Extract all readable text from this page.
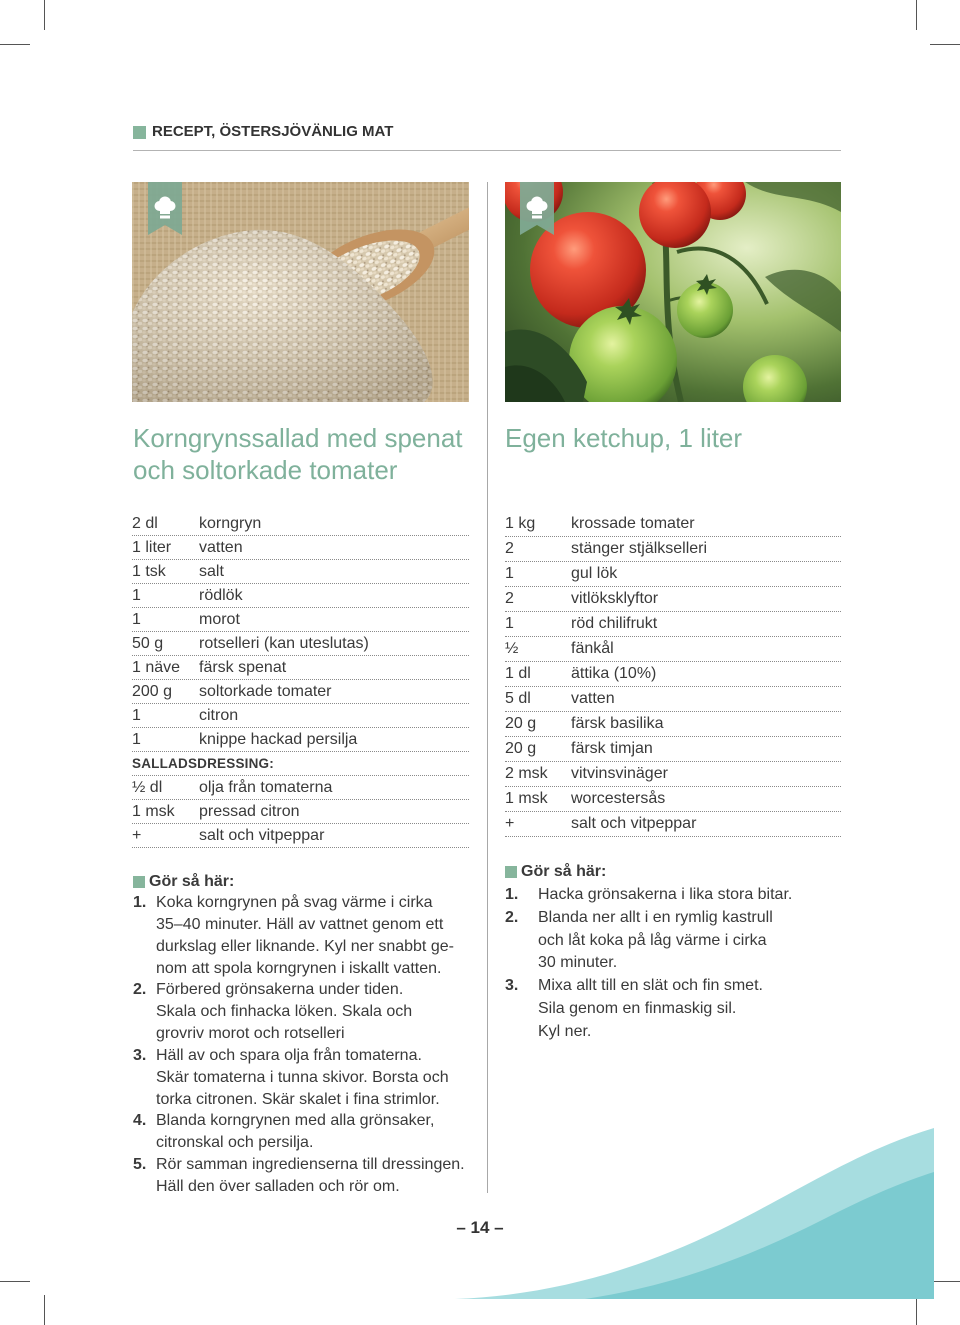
RECEPT, ÖSTERSJÖVÄNLIG MAT
Korngrynssallad med spenat
och soltorkade tomater
Egen ketchup, 1 liter
2 dl	korngryn
1 liter vatten
1 tsk salt
1	rödlök
1	morot
50 g rotselleri (kan uteslutas)
1 näve färsk spenat
200 g soltorkade tomater
1	citron
1	knippe hackad persilja
SALLADSDRESSING:
½ dl olja från tomaterna
1 msk pressad citron
+	salt och vitpeppar
1 kg krossade tomater
2	stänger stjälkselleri
1	gul lök
2	vitlöksklyftor
1	röd chilifrukt
½	fänkål
1 dl	ättika (10%)
5 dl	vatten
20 g färsk basilika
20 g färsk timjan
2 msk vitvinsvinäger
1 msk worcestersås
+	salt och vitpeppar
Gör så här:
Gör så här:
1. Koka korngrynen på svag värme i cirka
35–40 minuter. Häll av vattnet genom ett
durkslag eller liknande. Kyl ner snabbt ge-
nom att spola korngrynen i iskallt vatten.
2. Förbered grönsakerna under tiden.
Skala och finhacka löken. Skala och
grovriv morot och rotselleri
3. Häll av och spara olja från tomaterna.
Skär tomaterna i tunna skivor. Borsta och
torka citronen. Skär skalet i fina strimlor.
4. Blanda korngrynen med alla grönsaker,
citronskal och persilja.
5. Rör samman ingredienserna till dressingen.
Häll den över salladen och rör om.
1. Hacka grönsakerna i lika stora bitar.
2. Blanda ner allt i en rymlig kastrull
och låt koka på låg värme i cirka
30 minuter.
3. Mixa allt till en slät och fin smet.
Sila genom en finmaskig sil.
Kyl ner.
– 14 –
